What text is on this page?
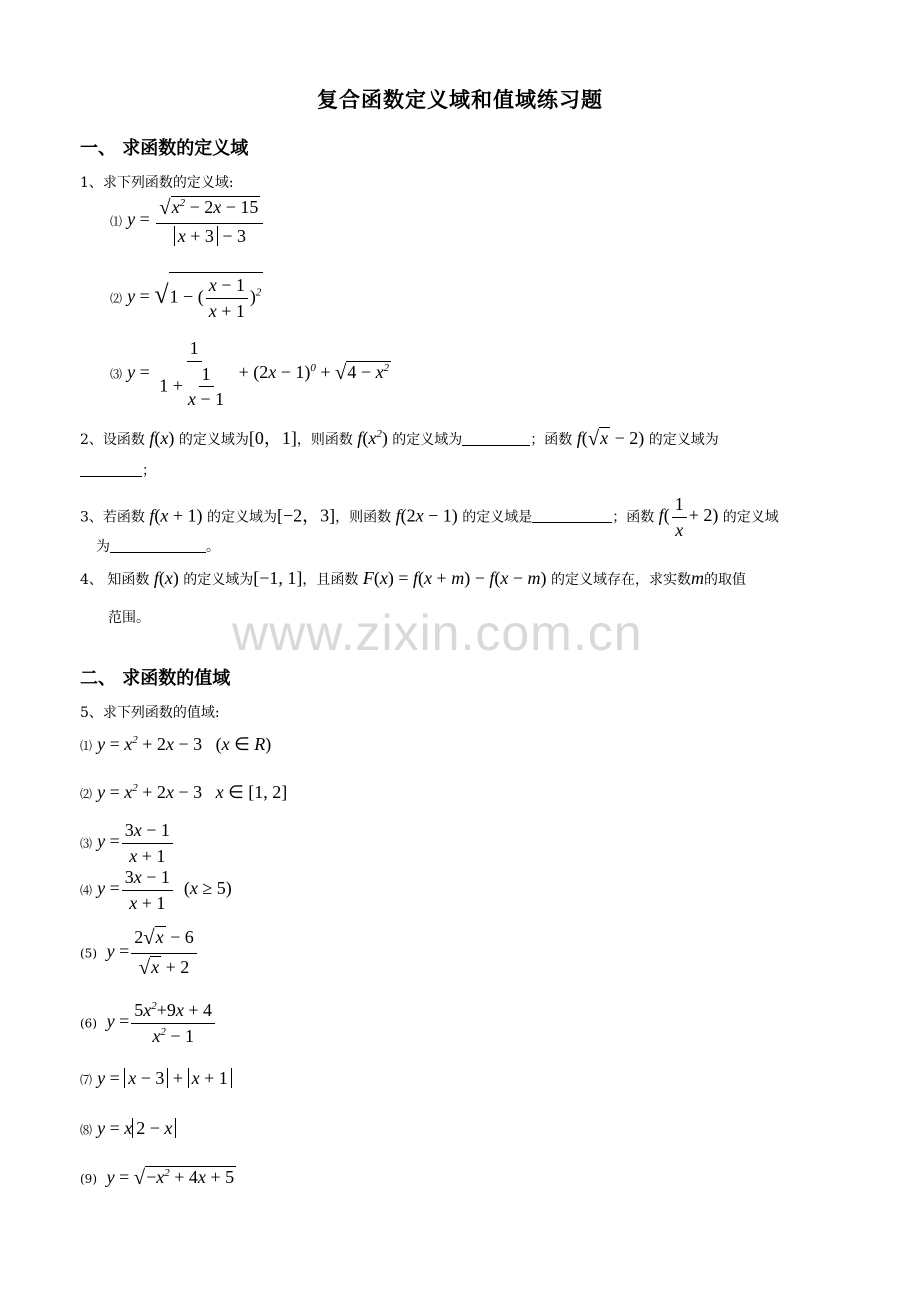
复合函数定义域和值域练习题
一、 求函数的定义域
1、求下列函数的定义域:
⑴ $y = \frac{√x^2 - 2x - 15}{x + 3 - 3}$
⑵ y = √1 − ( $\frac{x - 1}{x + 1} )^2$
⑶ $y = \frac{1}{1 + \frac{1}{x - 1}} + (2x - 1)^0 + √4 - x^2$
2、设函数 f(x) 的定义域为[0，1]，则函数 $f(x^2)$ 的定义域为	；函数 f(√x − 2) 的定义域为
；
3、若函数 f(x + 1) 的定义域为[−2，3]，则函数 f(2x − 1) 的定义域是	；函数 $f( \frac{1}{x} + 2)$ 的定义域
为	。
4、 知函数 f(x) 的定义域为[−1, 1]，且函数 F(x) = f(x + m) − f(x − m) 的定义域存在，求实数m的取值
范围。 www.zixin.com.cn
二、 求函数的值域
5、求下列函数的值域:
⑴ $y = x^2 + 2x - 3$   (x ∈ R)
⑵ $y = x^2 + 2x - 3$   x ∈ [1, 2]
⑶ $y = \frac{3x - 1}{x + 1}$
⑷ $y = \frac{3x - 1}{x + 1} (x \ge 5)$
(5)  $y = \frac{2√x - 6}{√x + 2}$
(6)  $y = \frac{5x^2+9x + 4}{x^2 - 1}$
⑺ y = x − 3 + x + 1
⑻ y = x 2 − x
(9)  $y = √-x^2 + 4x + 5$
